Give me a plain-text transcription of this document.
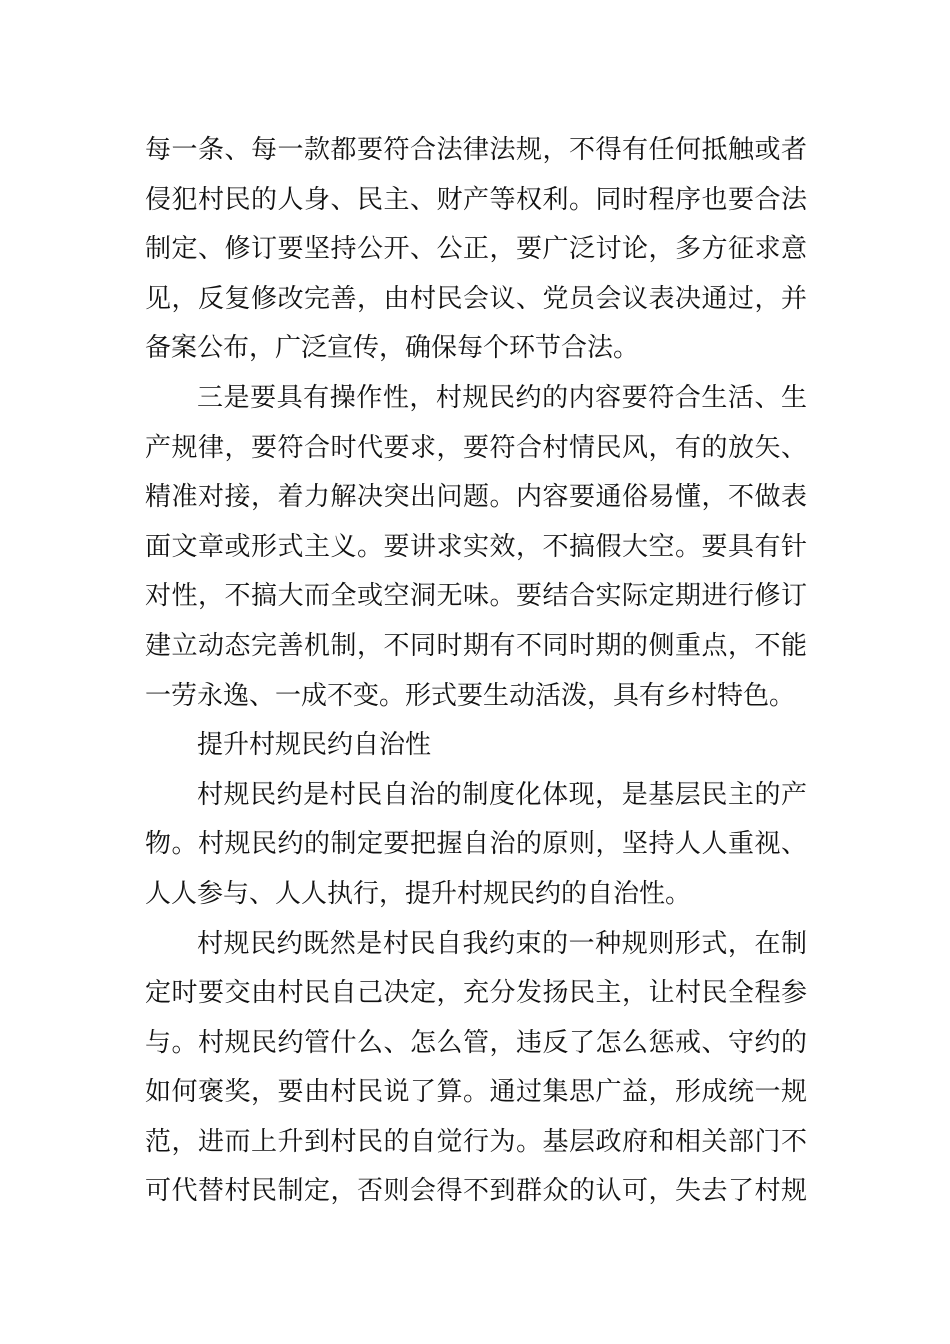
每一条、每一款都要符合法律法规，不得有任何抵触或者
侵犯村民的人身、民主、财产等权利。同时程序也要合法
制定、修订要坚持公开、公正，要广泛讨论，多方征求意
见，反复修改完善，由村民会议、党员会议表决通过，并
备案公布，广泛宣传，确保每个环节合法。
三是要具有操作性，村规民约的内容要符合生活、生
产规律，要符合时代要求，要符合村情民风，有的放矢、
精准对接，着力解决突出问题。内容要通俗易懂，不做表
面文章或形式主义。要讲求实效，不搞假大空。要具有针
对性，不搞大而全或空洞无味。要结合实际定期进行修订
建立动态完善机制，不同时期有不同时期的侧重点，不能
一劳永逸、一成不变。形式要生动活泼，具有乡村特色。
提升村规民约自治性
村规民约是村民自治的制度化体现，是基层民主的产
物。村规民约的制定要把握自治的原则，坚持人人重视、
人人参与、人人执行，提升村规民约的自治性。
村规民约既然是村民自我约束的一种规则形式，在制
定时要交由村民自己决定，充分发扬民主，让村民全程参
与。村规民约管什么、怎么管，违反了怎么惩戒、守约的
如何褒奖，要由村民说了算。通过集思广益，形成统一规
范，进而上升到村民的自觉行为。基层政府和相关部门不
可代替村民制定，否则会得不到群众的认可，失去了村规
